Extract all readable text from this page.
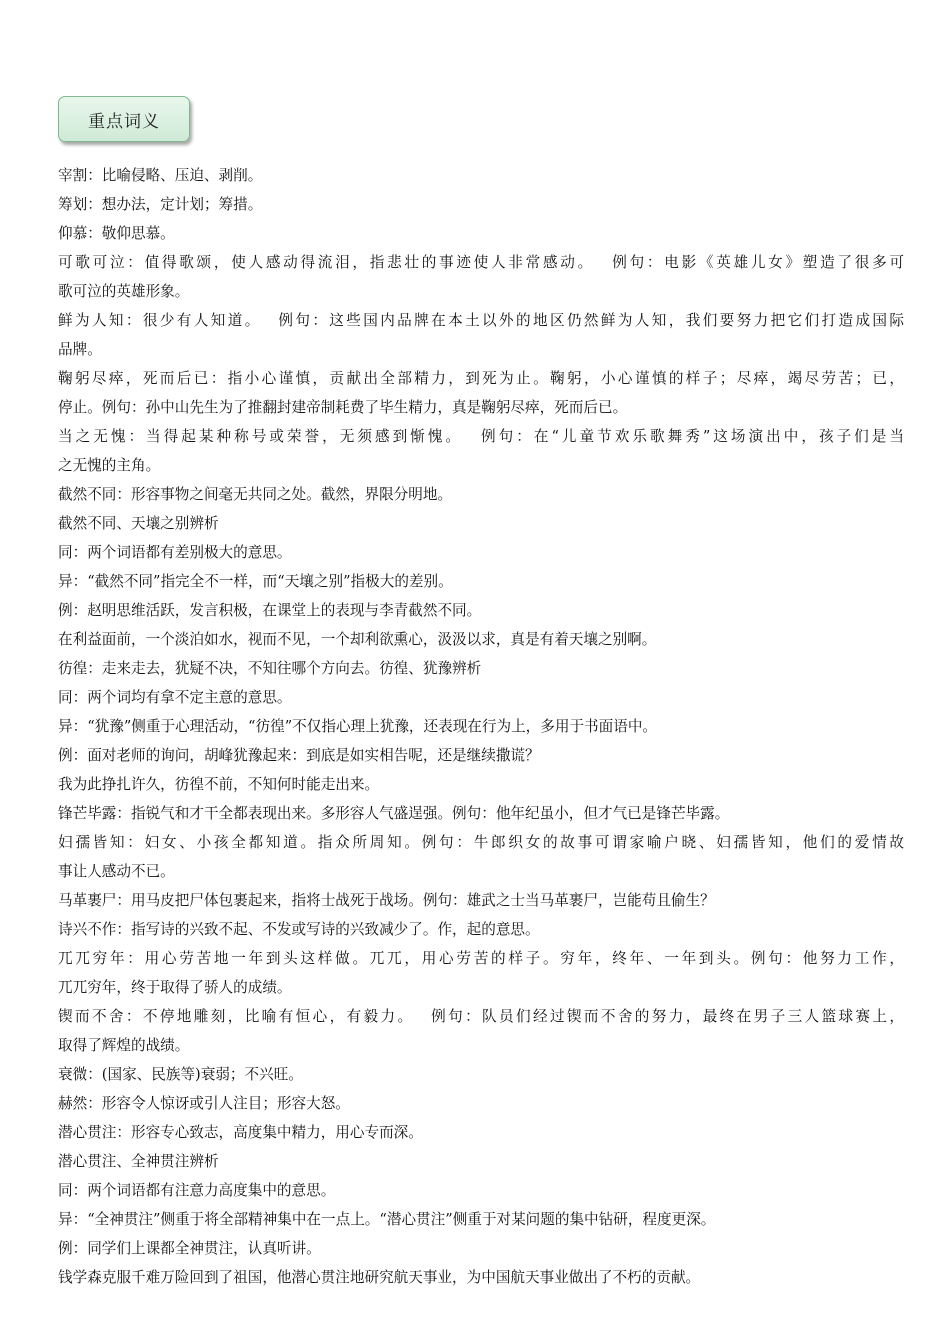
重点词义

宰割：比喻侵略、压迫、剥削。

筹划：想办法，定计划；筹措。

仰慕：敬仰思慕。

可歌可泣：值得歌颂，使人感动得流泪，指悲壮的事迹使人非常感动。　 例句：电影《英雄儿女》塑造了很多可

歌可泣的英雄形象。

鲜为人知：很少有人知道。　 例句：这些国内品牌在本土以外的地区仍然鲜为人知，我们要努力把它们打造成国际

品牌。

鞠躬尽瘁，死而后已：指小心谨慎，贡献出全部精力，到死为止。鞠躬，小心谨慎的样子；尽瘁，竭尽劳苦；已，

停止。例句：孙中山先生为了推翻封建帝制耗费了毕生精力，真是鞠躬尽瘁，死而后已。

当之无愧：当得起某种称号或荣誉，无须感到惭愧。　 例句：在“儿童节欢乐歌舞秀”这场演出中，孩子们是当

之无愧的主角。

截然不同：形容事物之间毫无共同之处。截然，界限分明地。

截然不同、天壤之别辨析

同：两个词语都有差别极大的意思。

异：“截然不同”指完全不一样，而“天壤之别”指极大的差别。

例：赵明思维活跃，发言积极，在课堂上的表现与李青截然不同。

在利益面前，一个淡泊如水，视而不见，一个却利欲熏心，汲汲以求，真是有着天壤之别啊。

彷徨：走来走去，犹疑不决，不知往哪个方向去。彷徨、犹豫辨析

同：两个词均有拿不定主意的意思。

异：“犹豫”侧重于心理活动，“彷徨”不仅指心理上犹豫，还表现在行为上，多用于书面语中。

例：面对老师的询问，胡峰犹豫起来：到底是如实相告呢，还是继续撒谎？

我为此挣扎许久，彷徨不前，不知何时能走出来。

锋芒毕露：指锐气和才干全都表现出来。多形容人气盛逞强。例句：他年纪虽小，但才气已是锋芒毕露。

妇孺皆知：妇女、小孩全都知道。指众所周知。例句：牛郎织女的故事可谓家喻户晓、妇孺皆知，他们的爱情故

事让人感动不已。

马革裹尸：用马皮把尸体包裹起来，指将士战死于战场。例句：雄武之士当马革裹尸，岂能苟且偷生？

诗兴不作：指写诗的兴致不起、不发或写诗的兴致减少了。作，起的意思。

兀兀穷年：用心劳苦地一年到头这样做。兀兀，用心劳苦的样子。穷年，终年、一年到头。例句：他努力工作，

兀兀穷年，终于取得了骄人的成绩。

锲而不舍：不停地雕刻，比喻有恒心，有毅力。　 例句：队员们经过锲而不舍的努力，最终在男子三人篮球赛上，

取得了辉煌的战绩。

衰微：(国家、民族等)衰弱；不兴旺。

赫然：形容令人惊讶或引人注目；形容大怒。

潜心贯注：形容专心致志，高度集中精力，用心专而深。

潜心贯注、全神贯注辨析

同：两个词语都有注意力高度集中的意思。

异：“全神贯注”侧重于将全部精神集中在一点上。“潜心贯注”侧重于对某问题的集中钻研，程度更深。

例：同学们上课都全神贯注，认真听讲。

钱学森克服千难万险回到了祖国，他潜心贯注地研究航天事业，为中国航天事业做出了不朽的贡献。
